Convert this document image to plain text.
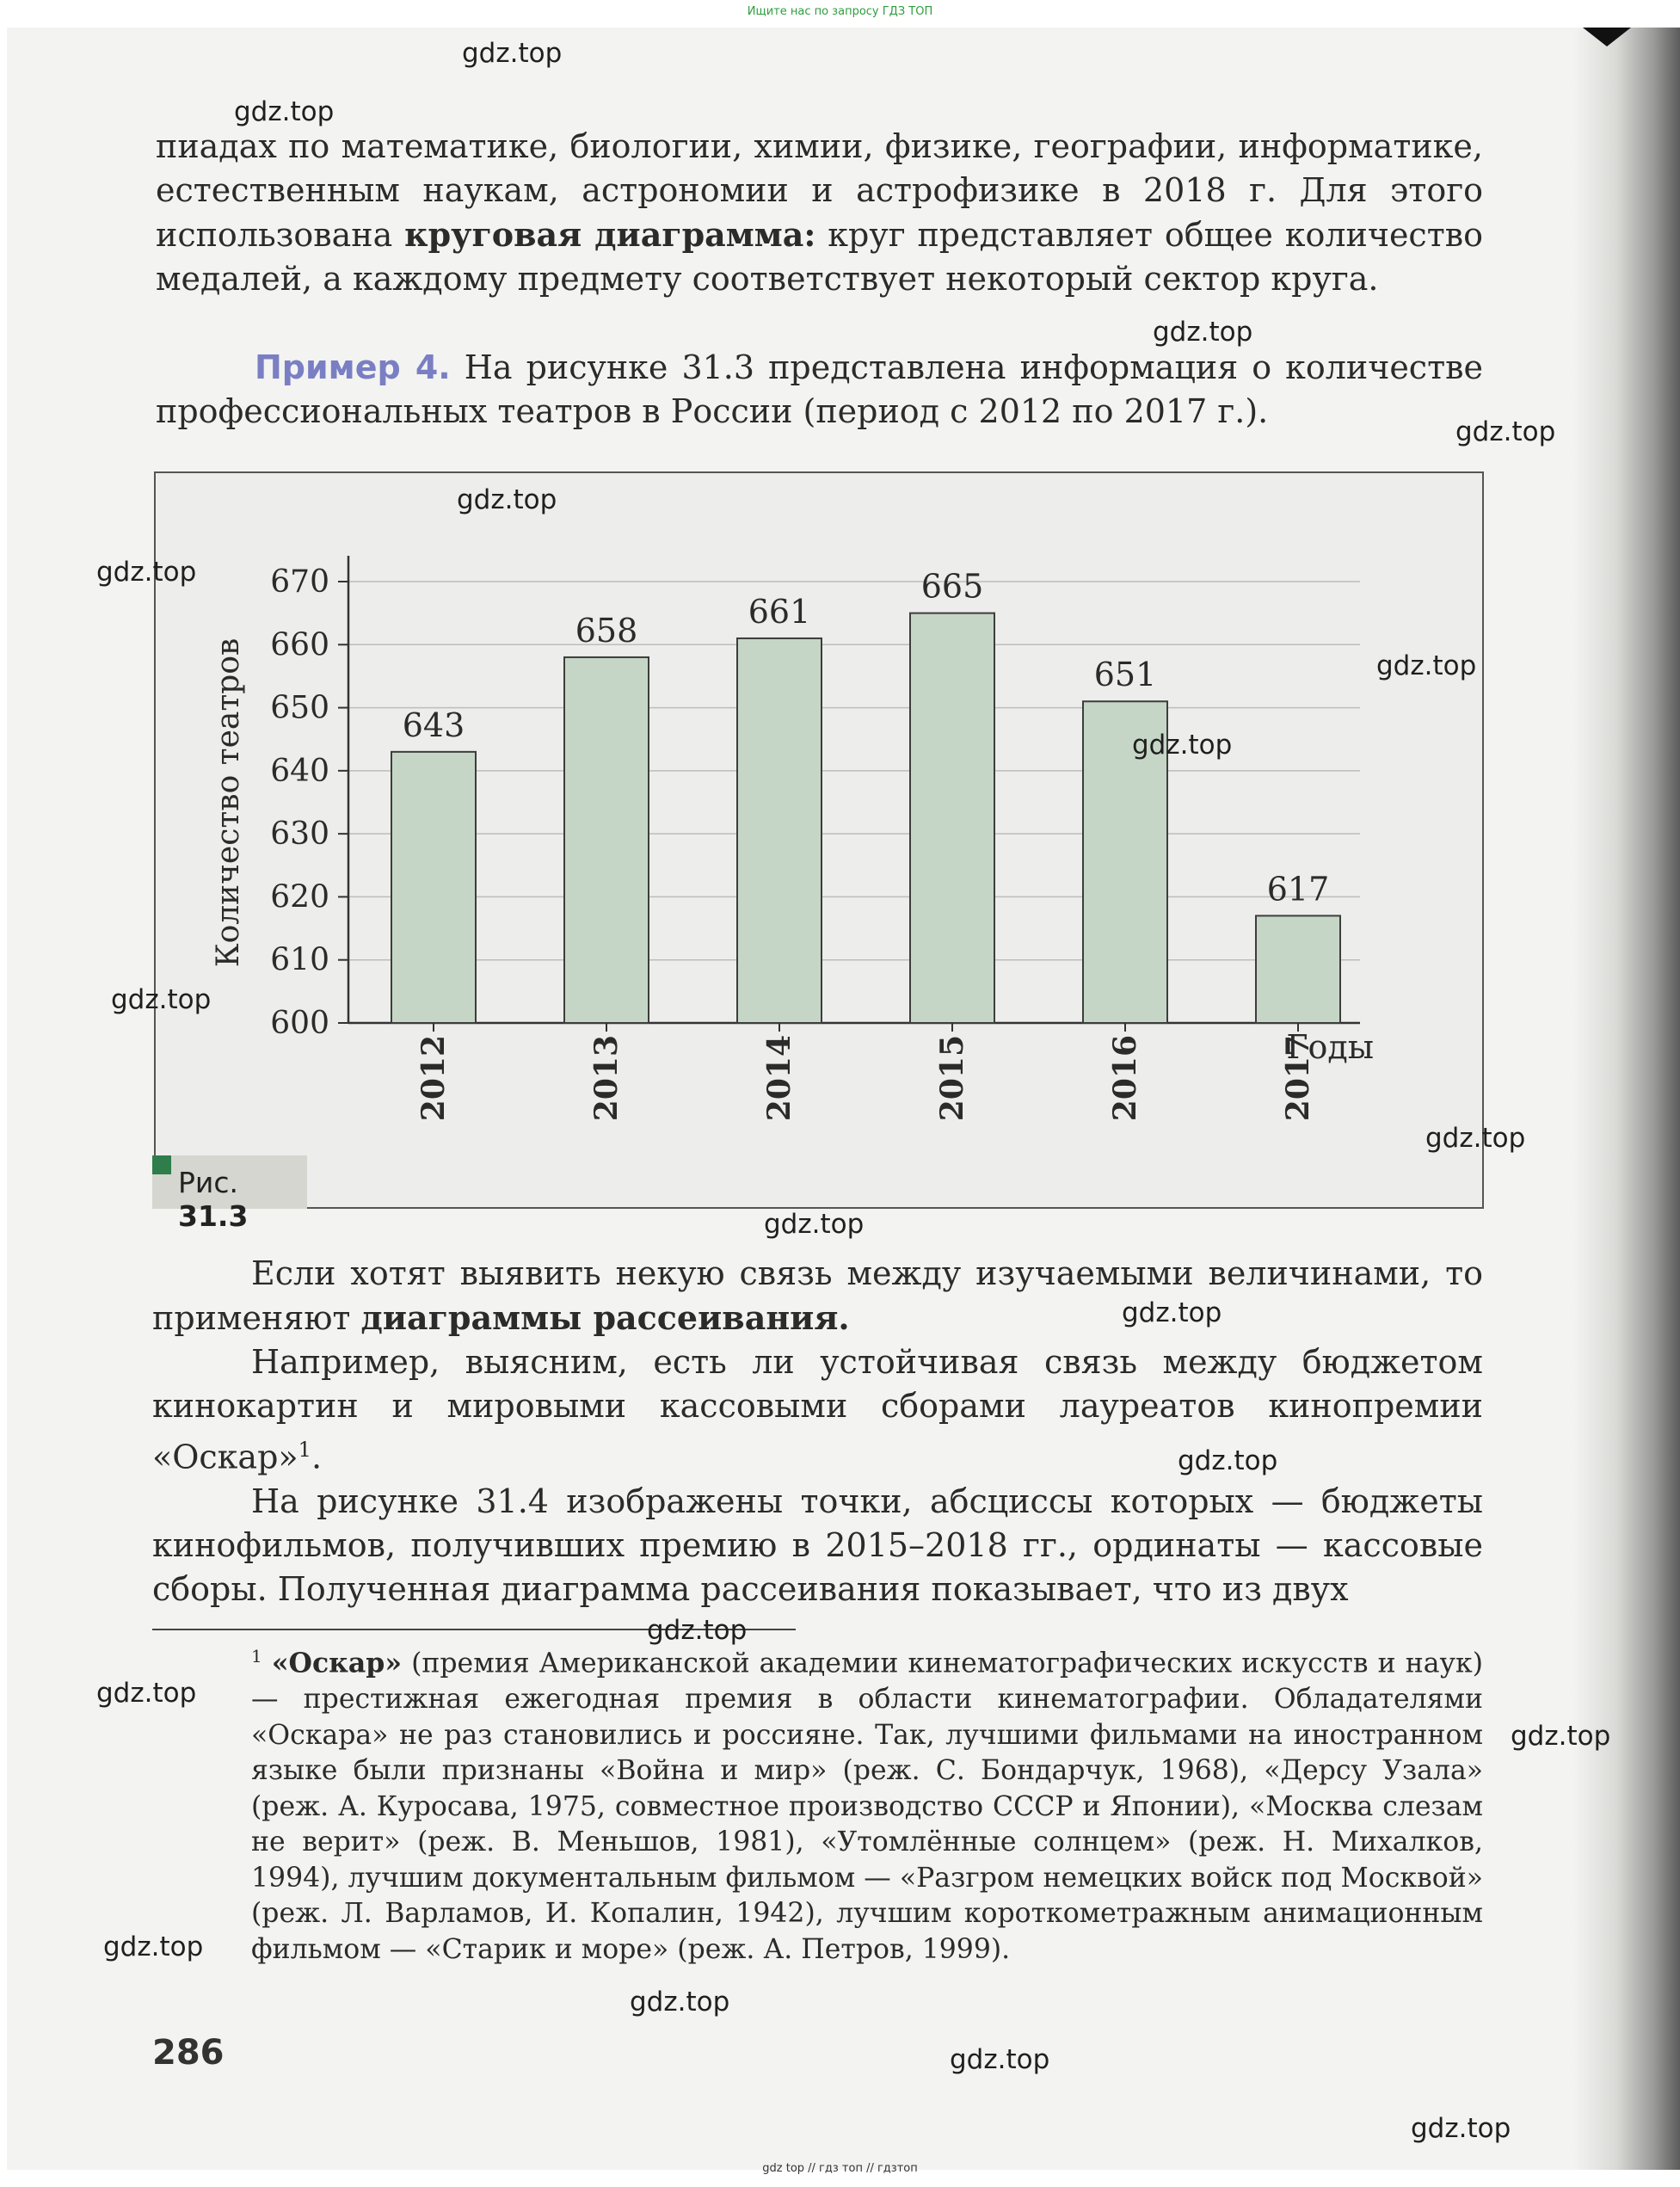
Ищите нас по запросу ГДЗ ТОП

пиадах по математике, биологии, химии, физике, географии, информатике, естественным наукам, астрономии и астрофизике в 2018 г. Для этого использована круговая диаграмма: круг представляет общее количество медалей, а каждому предмету соответствует некоторый сектор круга.

Пример 4. На рисунке 31.3 представлена информация о количестве профессиональных театров в России (период с 2012 по 2017 г.).

600
610
620
630
640
650
660
670
Количество театров	643
2012
658
2013
661
2014
665
2015
651
2016
617
2017
Годы
Рис. 31.3

Если хотят выявить некую связь между изучаемыми величинами, то применяют диаграммы рассеивания.

Например, выясним, есть ли устойчивая связь между бюджетом кинокартин и мировыми кассовыми сборами лауреатов кинопремии «Оскар»$^1$.

На рисунке 31.4 изображены точки, абсциссы которых — бюджеты кинофильмов, получивших премию в 2015–2018 гг., ординаты — кассовые сборы. Полученная диаграмма рассеивания показывает, что из двух

$^1$ «Оскар» (премия Американской академии кинематографических искусств и наук) — престижная ежегодная премия в области кинематографии. Обладателями «Оскара» не раз становились и россияне. Так, лучшими фильмами на иностранном языке были признаны «Война и мир» (реж. С. Бондарчук, 1968), «Дерсу Узала» (реж. А. Куросава, 1975, совместное производство СССР и Японии), «Москва слезам не верит» (реж. В. Меньшов, 1981), «Утомлённые солнцем» (реж. Н. Михалков, 1994), лучшим документальным фильмом — «Разгром немецких войск под Москвой» (реж. Л. Варламов, И. Копалин, 1942), лучшим короткометражным анимационным фильмом — «Старик и море» (реж. А. Петров, 1999).
286
gdz.top
gdz.top
gdz.top
gdz.top
gdz.top
gdz.top
gdz.top
gdz.top
gdz.top
gdz.top
gdz.top
gdz.top
gdz.top
gdz.top
gdz.top
gdz.top
gdz.top
gdz.top
gdz.top
gdz.top
gdz top // гдз топ // гдзтоп
